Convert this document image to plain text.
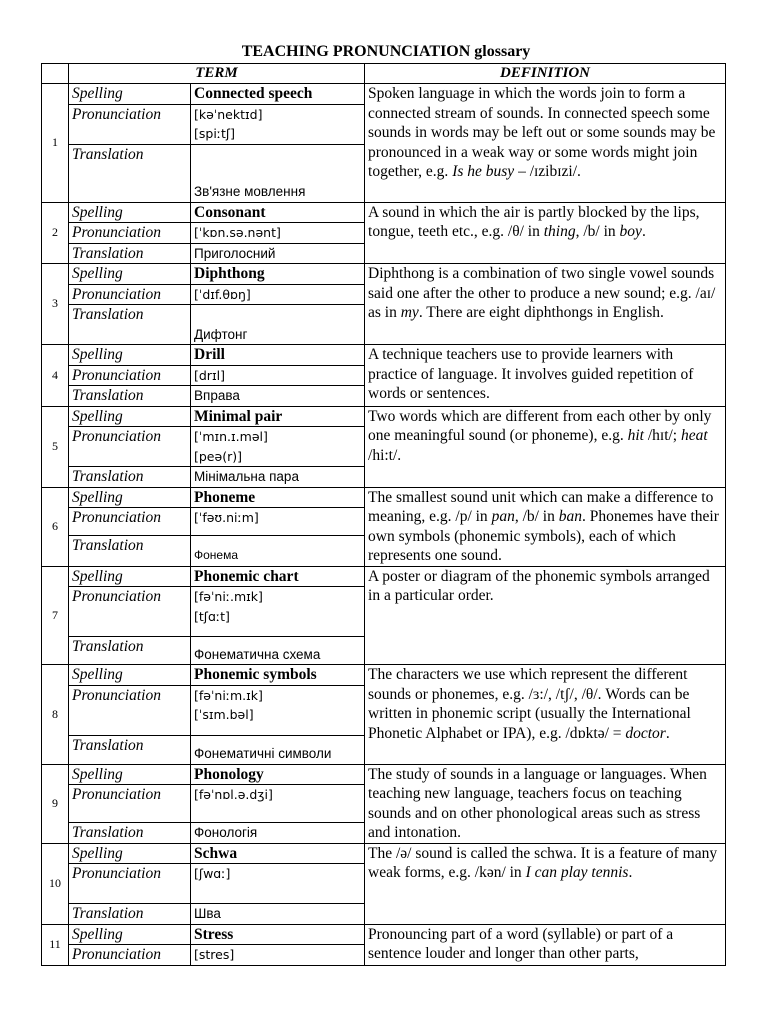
TEACHING PRONUNCIATION glossary
	TERM		DEFINITION
1	Spelling	Connected speech	Spoken language in which the words join to form a connected stream of sounds. In connected speech some sounds in words may be left out or some sounds may be pronounced in a weak way or some words might join together, e.g. Is he busy – /ɪzibɪzi/.
	Pronunciation	[kəˈnektɪd]
[spiːtʃ]	

	Translation	Зв'язне мовлення	
2	Spelling	Consonant	A sound in which the air is partly blocked by the lips, tongue, teeth etc., e.g. /θ/ in thing, /b/ in boy.
	Pronunciation	[ˈkɒn.sə.nənt]	

	Translation	Приголосний	
3	Spelling	Diphthong	Diphthong is a combination of two single vowel sounds said one after the other to produce a new sound; e.g. /aɪ/ as in my. There are eight diphthongs in English.
	Pronunciation	[ˈdɪf.θɒŋ]	

	Translation	Дифтонг	
4	Spelling	Drill	A technique teachers use to provide learners with practice of language. It involves guided repetition of words or sentences.
	Pronunciation	[drɪl]	

	Translation	Вправа	
5	Spelling	Minimal pair	Two words which are different from each other by only one meaningful sound (or phoneme), e.g. hit /hɪt/; heat /hi:t/.
	Pronunciation	[ˈmɪn.ɪ.məl]
[peə(r)]	

	Translation	Мінімальна пара	
6	Spelling	Phoneme	The smallest sound unit which can make a difference to meaning, e.g. /p/ in pan, /b/ in ban. Phonemes have their own symbols (phonemic symbols), each of which represents one sound.
	Pronunciation	[ˈfəʊ.niːm]	

	Translation	Фонема	
7	Spelling	Phonemic chart	A poster or diagram of the phonemic symbols arranged in a particular order.
	Pronunciation	[fəˈniː.mɪk]
[tʃɑːt]	

	Translation	Фонематична схема	
8	Spelling	Phonemic symbols	The characters we use which represent the different sounds or phonemes, e.g. /ɜ:/, /tʃ/, /θ/. Words can be written in phonemic script (usually the International Phonetic Alphabet or IPA), e.g. /dɒktə/ = doctor.
	Pronunciation	[fəˈniːm.ɪk]
[ˈsɪm.bəl]	

	Translation	Фонематичні символи	
9	Spelling	Phonology	The study of sounds in a language or languages. When teaching new language, teachers focus on teaching sounds and on other phonological areas such as stress and intonation.
	Pronunciation	[fəˈnɒl.ə.dʒi]	

	Translation	Фонологія	
10	Spelling	Schwa	The /ə/ sound is called the schwa. It is a feature of many weak forms, e.g. /kən/ in I can play tennis.
	Pronunciation	[ʃwɑː]	

	Translation	Шва	
11	Spelling	Stress	Pronouncing part of a word (syllable) or part of a sentence louder and longer than other parts,
	Pronunciation	[stres]	
